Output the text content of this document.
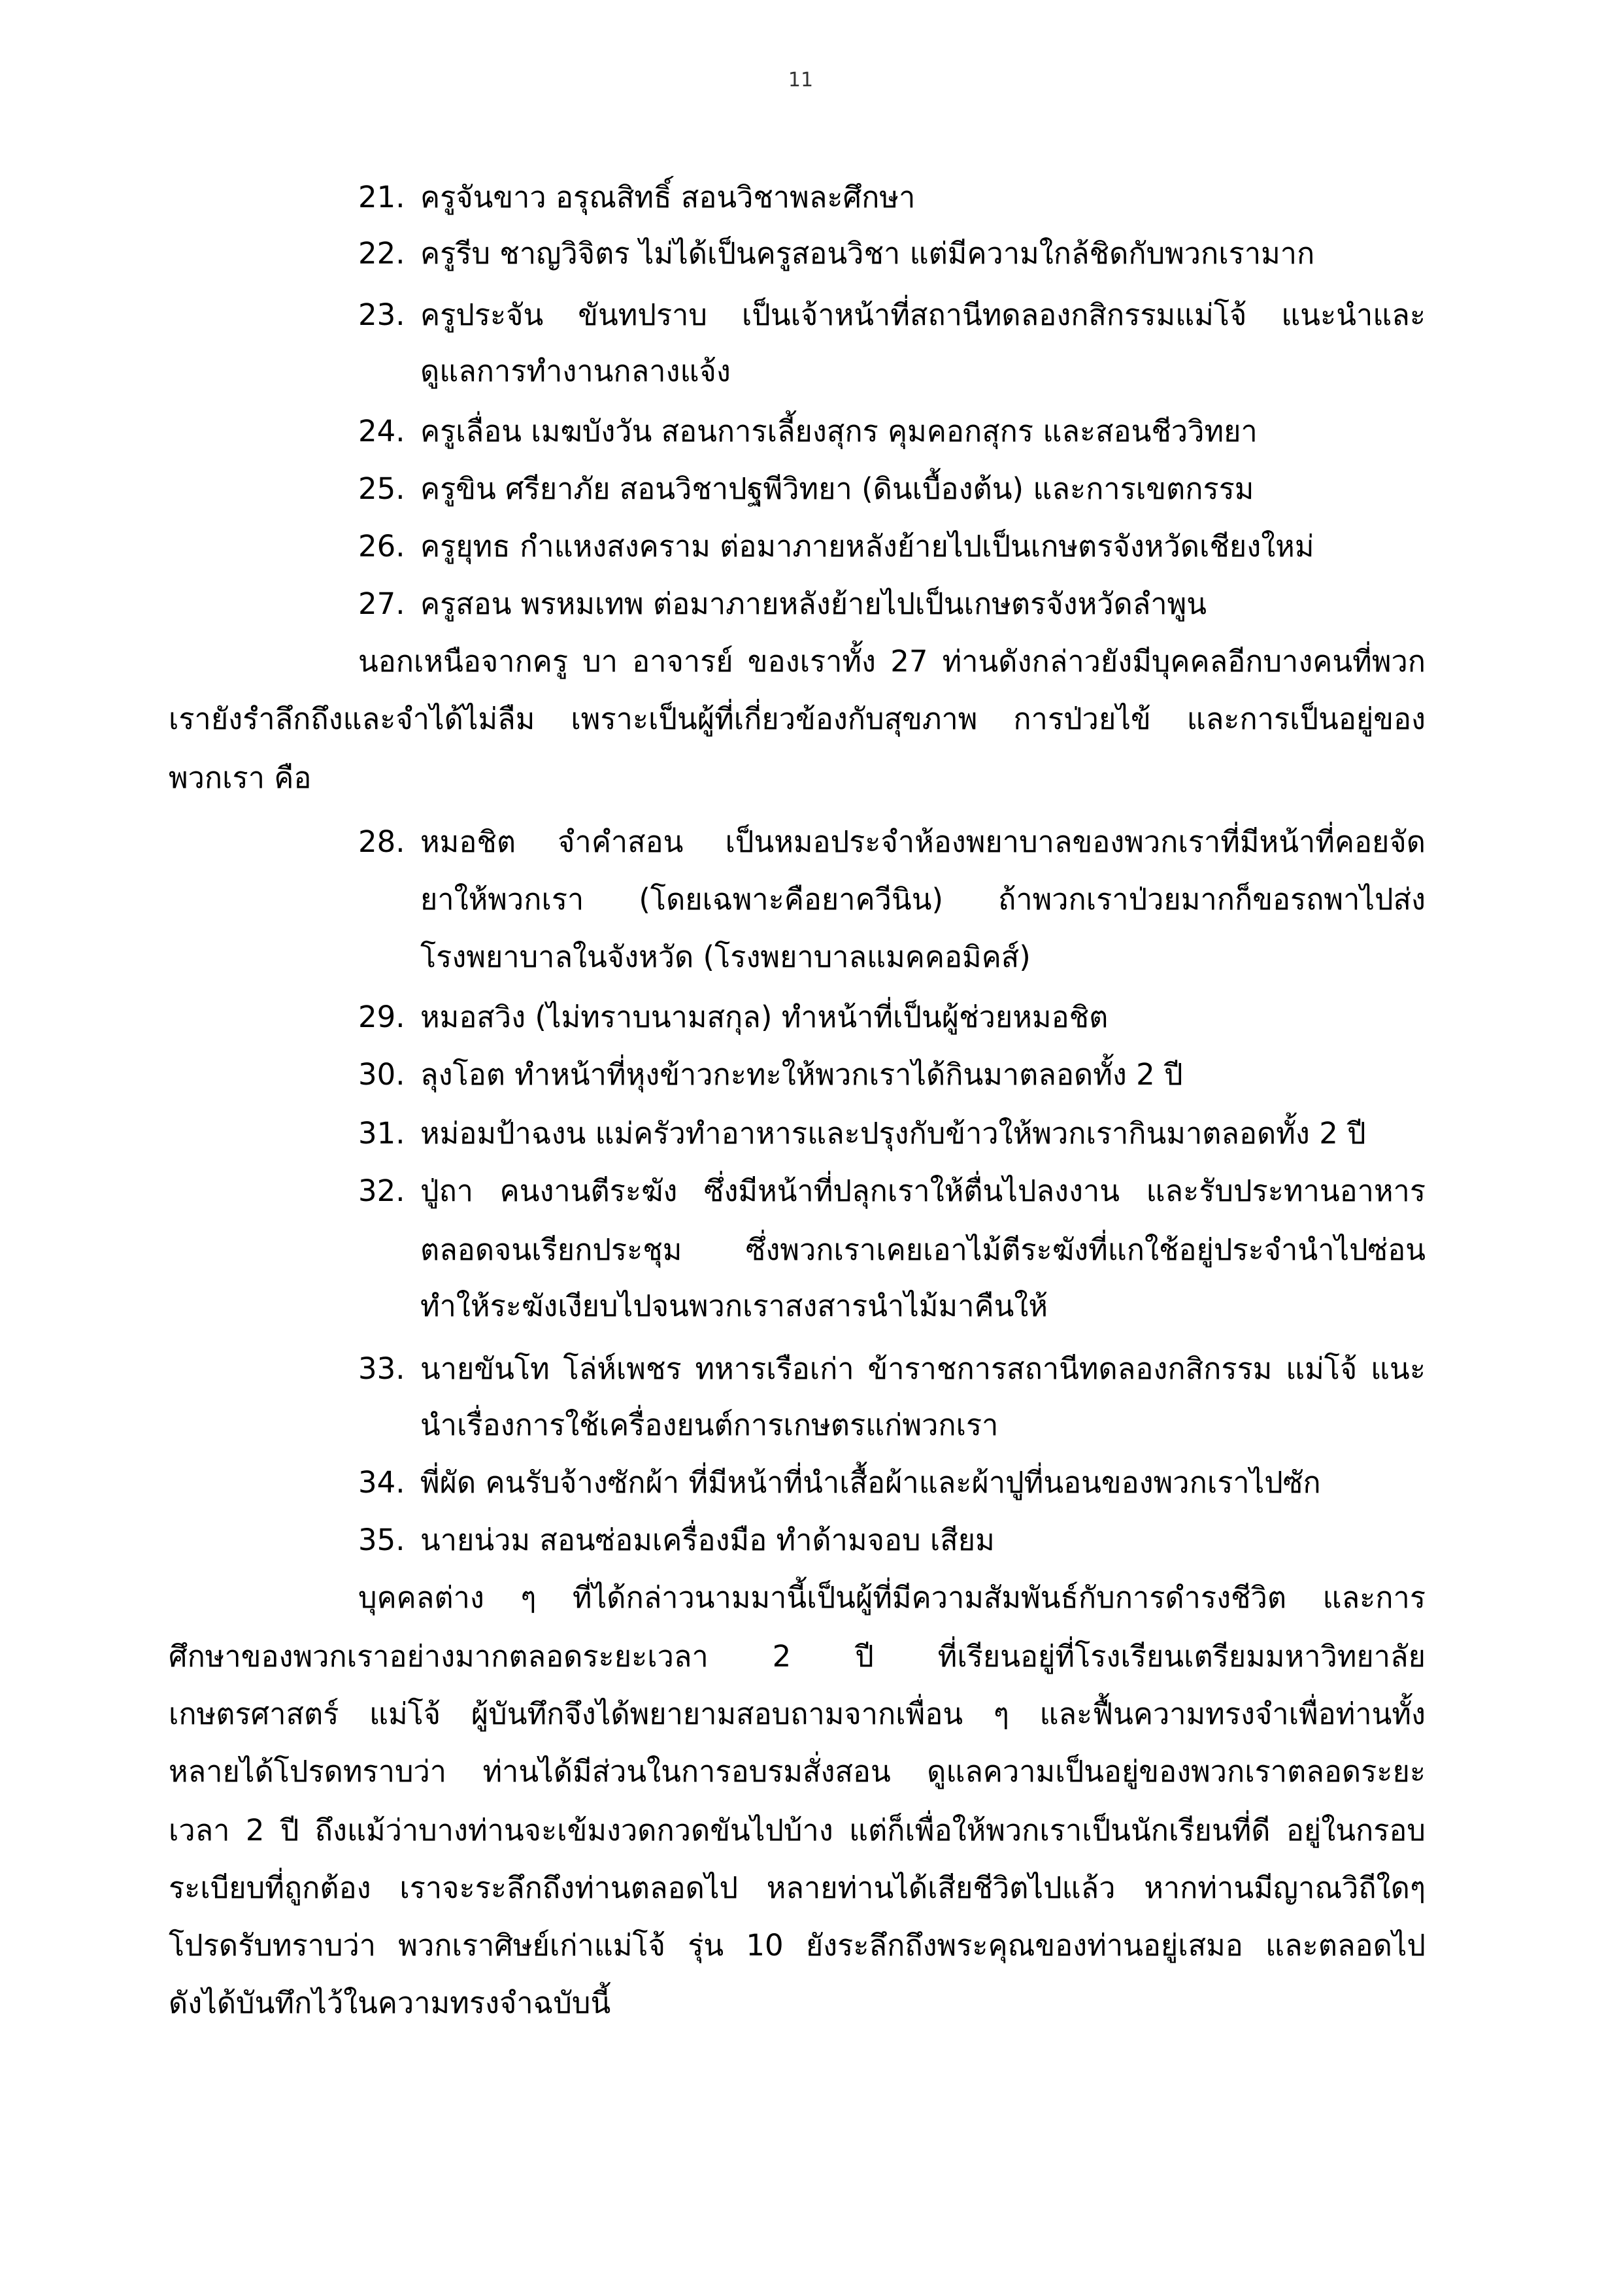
11
21. ครูจันขาว อรุณสิทธิ์ สอนวิชาพละศึกษา
22. ครูรีบ ชาญวิจิตร ไม่ได้เป็นครูสอนวิชา แต่มีความใกล้ชิดกับพวกเรามาก
23. ครูประจัน ขันทปราบ เป็นเจ้าหน้าที่สถานีทดลองกสิกรรมแม่โจ้ แนะนำและ
ดูแลการทำงานกลางแจ้ง
24. ครูเลื่อน เมฆบังวัน สอนการเลี้ยงสุกร คุมคอกสุกร และสอนชีววิทยา
25. ครูขิน ศรียาภัย สอนวิชาปฐพีวิทยา (ดินเบื้องต้น) และการเขตกรรม
26. ครูยุทธ กำแหงสงคราม ต่อมาภายหลังย้ายไปเป็นเกษตรจังหวัดเชียงใหม่
27. ครูสอน พรหมเทพ ต่อมาภายหลังย้ายไปเป็นเกษตรจังหวัดลำพูน
นอกเหนือจากครู บา อาจารย์ ของเราทั้ง 27 ท่านดังกล่าวยังมีบุคคลอีกบางคนที่พวก
เรายังรำลึกถึงและจำได้ไม่ลืม เพราะเป็นผู้ที่เกี่ยวข้องกับสุขภาพ การป่วยไข้ และการเป็นอยู่ของ
พวกเรา คือ
28. หมอชิต จำคำสอน เป็นหมอประจำห้องพยาบาลของพวกเราที่มีหน้าที่คอยจัด
ยาให้พวกเรา (โดยเฉพาะคือยาควีนิน) ถ้าพวกเราป่วยมากก็ขอรถพาไปส่ง
โรงพยาบาลในจังหวัด (โรงพยาบาลแมคคอมิคส์)
29. หมอสวิง (ไม่ทราบนามสกุล) ทำหน้าที่เป็นผู้ช่วยหมอชิต
30. ลุงโอต ทำหน้าที่หุงข้าวกะทะให้พวกเราได้กินมาตลอดทั้ง 2 ปี
31. หม่อมป้าฉงน แม่ครัวทำอาหารและปรุงกับข้าวให้พวกเรากินมาตลอดทั้ง 2 ปี
32. ปู่ถา คนงานตีระฆัง ซึ่งมีหน้าที่ปลุกเราให้ตื่นไปลงงาน และรับประทานอาหาร
ตลอดจนเรียกประชุม ซึ่งพวกเราเคยเอาไม้ตีระฆังที่แกใช้อยู่ประจำนำไปซ่อน
ทำให้ระฆังเงียบไปจนพวกเราสงสารนำไม้มาคืนให้
33. นายขันโท โล่ห์เพชร ทหารเรือเก่า ข้าราชการสถานีทดลองกสิกรรม แม่โจ้ แนะ
นำเรื่องการใช้เครื่องยนต์การเกษตรแก่พวกเรา
34. พี่ผัด คนรับจ้างซักผ้า ที่มีหน้าที่นำเสื้อผ้าและผ้าปูที่นอนของพวกเราไปซัก
35. นายน่วม สอนซ่อมเครื่องมือ ทำด้ามจอบ เสียม
บุคคลต่าง ๆ ที่ได้กล่าวนามมานี้เป็นผู้ที่มีความสัมพันธ์กับการดำรงชีวิต และการ
ศึกษาของพวกเราอย่างมากตลอดระยะเวลา 2 ปี ที่เรียนอยู่ที่โรงเรียนเตรียมมหาวิทยาลัย
เกษตรศาสตร์ แม่โจ้ ผู้บันทึกจึงได้พยายามสอบถามจากเพื่อน ๆ และฟื้นความทรงจำเพื่อท่านทั้ง
หลายได้โปรดทราบว่า ท่านได้มีส่วนในการอบรมสั่งสอน ดูแลความเป็นอยู่ของพวกเราตลอดระยะ
เวลา 2 ปี ถึงแม้ว่าบางท่านจะเข้มงวดกวดขันไปบ้าง แต่ก็เพื่อให้พวกเราเป็นนักเรียนที่ดี อยู่ในกรอบ
ระเบียบที่ถูกต้อง เราจะระลึกถึงท่านตลอดไป หลายท่านได้เสียชีวิตไปแล้ว หากท่านมีญาณวิถีใดๆ
โปรดรับทราบว่า พวกเราศิษย์เก่าแม่โจ้ รุ่น 10 ยังระลึกถึงพระคุณของท่านอยู่เสมอ และตลอดไป
ดังได้บันทึกไว้ในความทรงจำฉบับนี้
